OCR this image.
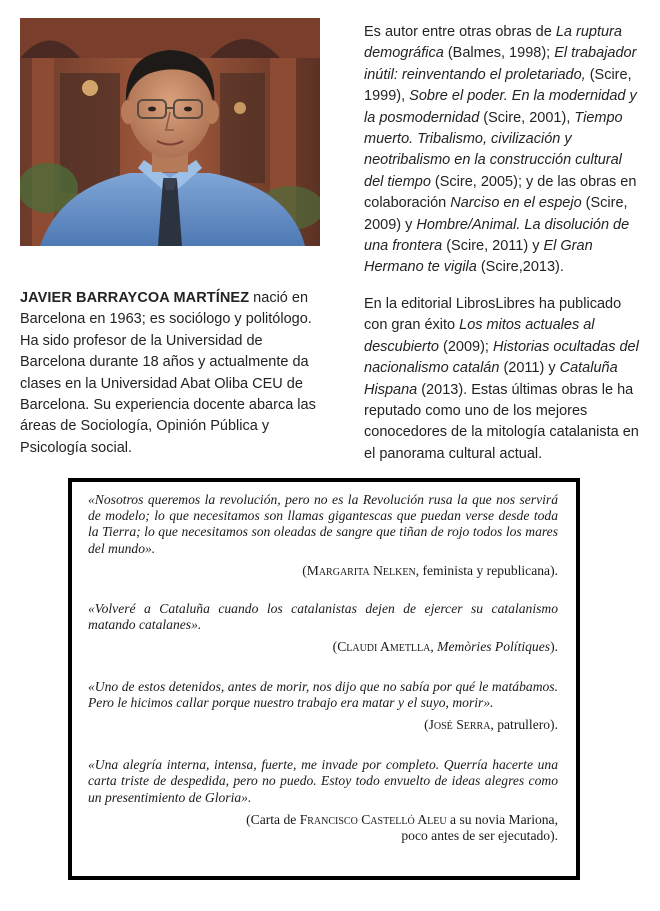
JAVIER BARRAYCOA MARTÍNEZ nació en Barcelona en 1963; es sociólogo y politólogo. Ha sido profesor de la Universidad de Barcelona durante 18 años y actualmente da clases en la Universidad Abat Oliba CEU de Barcelona. Su experiencia docente abarca las áreas de Sociología, Opinión Pública y Psicología social.
Es autor entre otras obras de La ruptura demográfica (Balmes, 1998); El trabajador inútil: reinventando el proletariado, (Scire, 1999), Sobre el poder. En la modernidad y la posmodernidad (Scire, 2001), Tiempo muerto. Tribalismo, civilización y neotribalismo en la construcción cultural del tiempo (Scire, 2005); y de las obras en colaboración Narciso en el espejo (Scire, 2009) y Hombre/Animal. La disolución de una frontera (Scire, 2011) y El Gran Hermano te vigila (Scire,2013).
En la editorial LibrosLibres ha publicado con gran éxito Los mitos actuales al descubierto (2009); Historias ocultadas del nacionalismo catalán (2011) y Cataluña Hispana (2013). Estas últimas obras le ha reputado como uno de los mejores conocedores de la mitología catalanista en el panorama cultural actual.

«Nosotros queremos la revolución, pero no es la Revolución rusa la que nos servirá de modelo; lo que necesitamos son llamas gigantescas que puedan verse desde toda la Tierra; lo que necesitamos son oleadas de sangre que tiñan de rojo todos los mares del mundo».

(Margarita Nelken, feminista y republicana).

«Volveré a Cataluña cuando los catalanistas dejen de ejercer su catalanismo matando catalanes».

(Claudi Ametlla, Memòries Polítiques).

«Uno de estos detenidos, antes de morir, nos dijo que no sabía por qué le matábamos. Pero le hicimos callar porque nuestro trabajo era matar y el suyo, morir».

(José Serra, patrullero).

«Una alegría interna, intensa, fuerte, me invade por completo. Querría hacerte una carta triste de despedida, pero no puedo. Estoy todo envuelto de ideas alegres como un presentimiento de Gloria».

(Carta de Francisco Castelló Aleu a su novia Mariona,
poco antes de ser ejecutado).
